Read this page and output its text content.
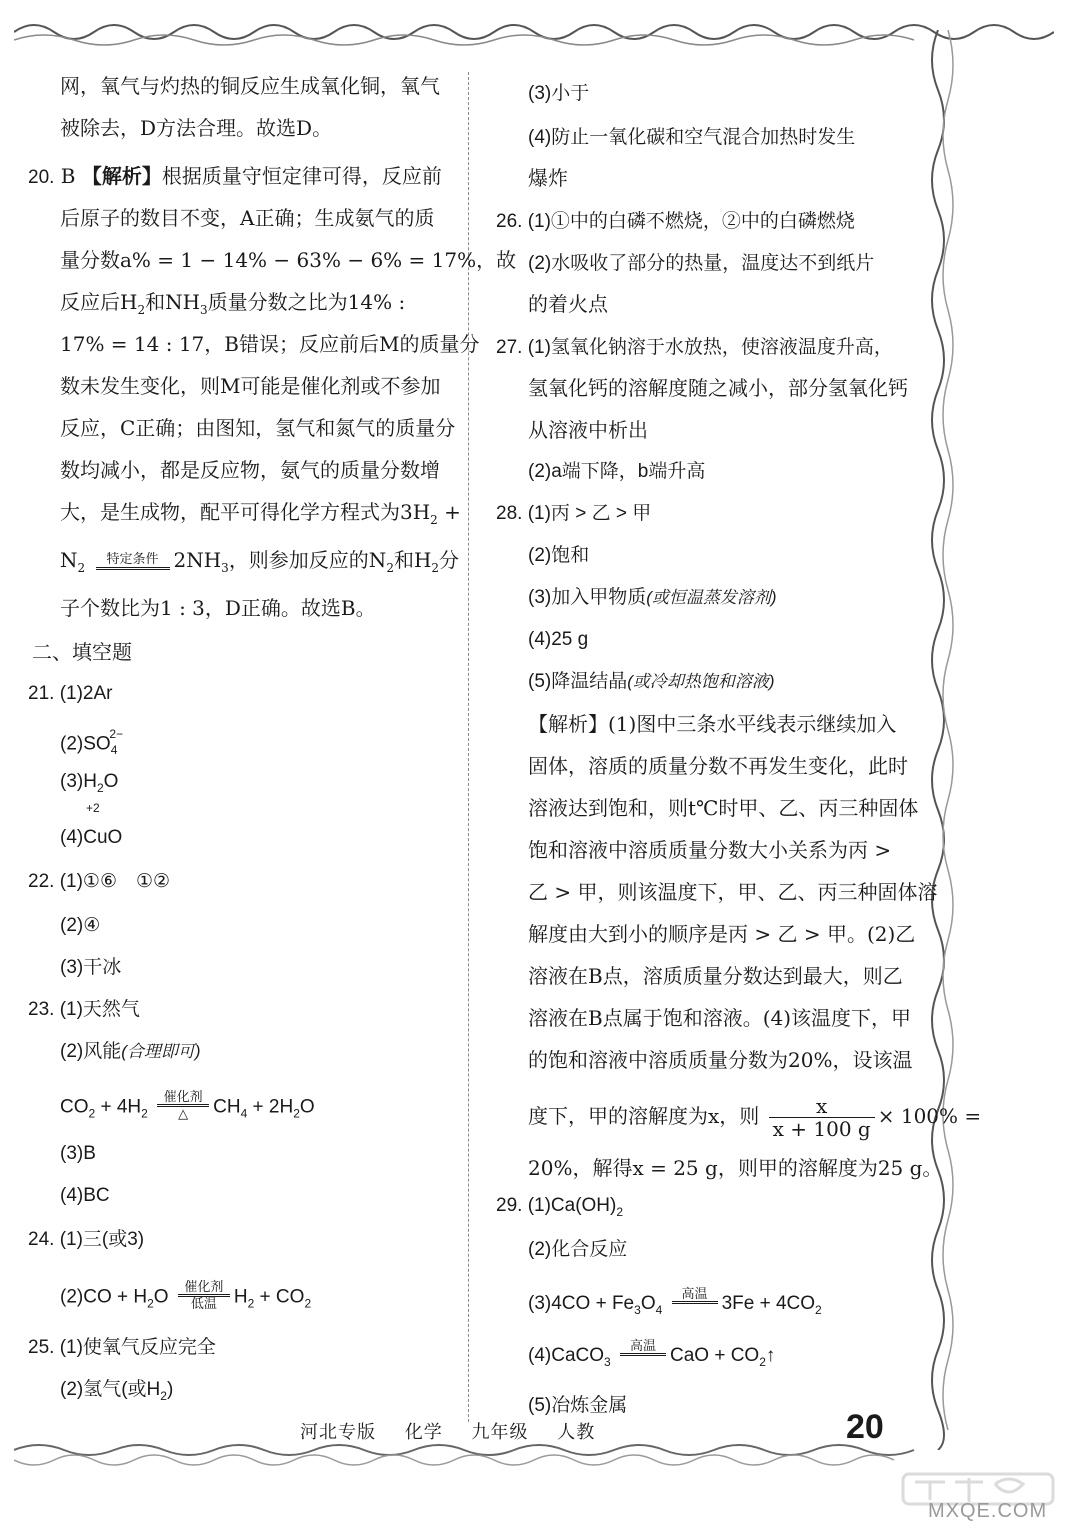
网，氧气与灼热的铜反应生成氧化铜，氧气
被除去，D方法合理。故选D。
20. B 【解析】根据质量守恒定律可得，反应前
后原子的数目不变，A正确；生成氨气的质
量分数a% = 1 − 14% − 63% − 6% = 17%，故
反应后$H_2$和$NH_3$质量分数之比为14% :
17% = 14 : 17，B错误；反应前后M的质量分
数未发生变化，则M可能是催化剂或不参加
反应，C正确；由图知，氢气和氮气的质量分
数均减小，都是反应物，氨气的质量分数增
大，是生成物，配平可得化学方程式为$3H_2$ +
$N_2$
特定条件 $2NH_3$，则参加反应的$N_2$和$H_2$分
子个数比为1 : 3，D正确。故选B。
二、填空题
21. (1)2Ar
$(2)SO_4^{2-}$
$(3)H_2O$
+2
(4)CuO
22. (1)①⑥　①②
(2)④
(3)干冰
23. (1)天然气
(2)风能(合理即可)
$CO_2 + 4H_2$
催化剂
△	$CH_4 + 2H_2O$
(3)B
(4)BC
24. (1)三(或3)
$(2)CO + H_2O$
催化剂
低温 $H_2 + CO_2$
25. (1)使氧气反应完全
(2)氢气(或$H_2$)
(3)小于
(4)防止一氧化碳和空气混合加热时发生
爆炸
26. (1)①中的白磷不燃烧，②中的白磷燃烧
(2)水吸收了部分的热量，温度达不到纸片
的着火点
27. (1)氢氧化钠溶于水放热，使溶液温度升高，
氢氧化钙的溶解度随之减小，部分氢氧化钙
从溶液中析出
(2)a端下降，b端升高
28. (1)丙 > 乙 > 甲
(2)饱和
(3)加入甲物质(或恒温蒸发溶剂)
(4)25 g
(5)降温结晶(或冷却热饱和溶液)
【解析】(1)图中三条水平线表示继续加入
固体，溶质的质量分数不再发生变化，此时
溶液达到饱和，则t℃时甲、乙、丙三种固体
饱和溶液中溶质质量分数大小关系为丙 >
乙 > 甲，则该温度下，甲、乙、丙三种固体溶
解度由大到小的顺序是丙 > 乙 > 甲。(2)乙
溶液在B点，溶质质量分数达到最大，则乙
溶液在B点属于饱和溶液。(4)该温度下，甲
的饱和溶液中溶质质量分数为20%，设该温
度下，甲的溶解度为x，则 $\frac{x}{x + 100 g} \times 100\%$ =
20%，解得x = 25 g，则甲的溶解度为25 g。
29. $(1)Ca(OH)_2$
(2)化合反应
$(3)4CO + Fe_3O_4$
高温 $3Fe + 4CO_2$
(4)CaCO$_3$
高温 CaO + $CO_2↑$
(5)冶炼金属
河北专版 化学 九年级 人教	20
MXQE.COM
